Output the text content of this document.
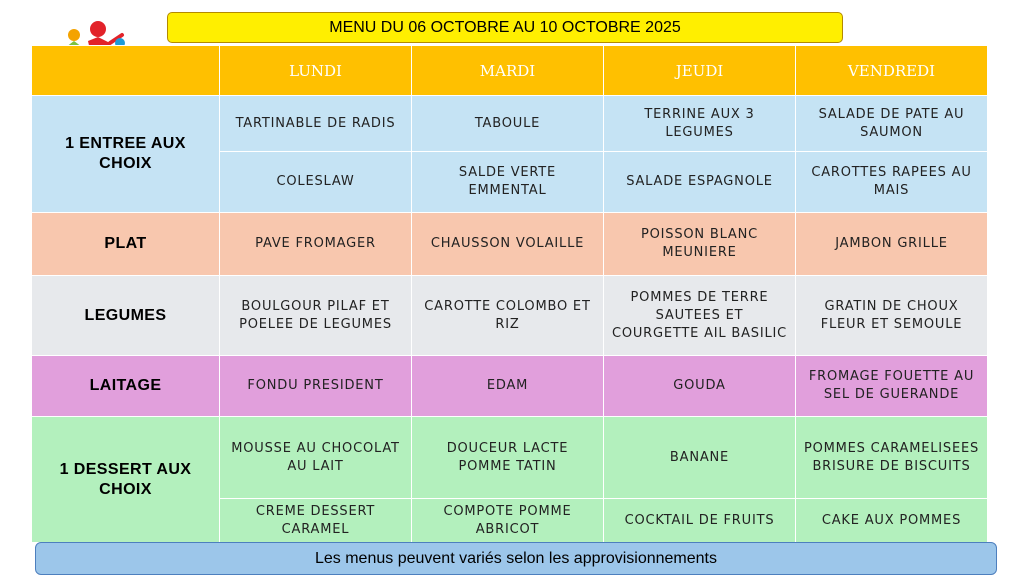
MENU DU 06 OCTOBRE AU 10 OCTOBRE 2025
	LUNDI	MARDI	JEUDI	VENDREDI
1 ENTREE AUX CHOIX	TARTINABLE DE RADIS	TABOULE	TERRINE AUX 3 LEGUMES	SALADE DE PATE AU SAUMON
	COLESLAW	SALDE VERTE EMMENTAL	SALADE ESPAGNOLE	CAROTTES RAPEES AU MAIS
PLAT	PAVE FROMAGER	CHAUSSON VOLAILLE	POISSON BLANC MEUNIERE	JAMBON GRILLE
LEGUMES	BOULGOUR PILAF ET POELEE DE LEGUMES	CAROTTE COLOMBO ET RIZ	POMMES DE TERRE SAUTEES ET COURGETTE AIL BASILIC	GRATIN DE CHOUX FLEUR ET SEMOULE
LAITAGE	FONDU PRESIDENT	EDAM	GOUDA	FROMAGE FOUETTE AU SEL DE GUERANDE
1 DESSERT AUX CHOIX	MOUSSE AU CHOCOLAT AU LAIT	DOUCEUR LACTE POMME TATIN	BANANE	POMMES CARAMELISEES BRISURE DE BISCUITS
	CREME DESSERT CARAMEL	COMPOTE POMME ABRICOT	COCKTAIL DE FRUITS	CAKE AUX POMMES
Les menus peuvent variés selon les approvisionnements
